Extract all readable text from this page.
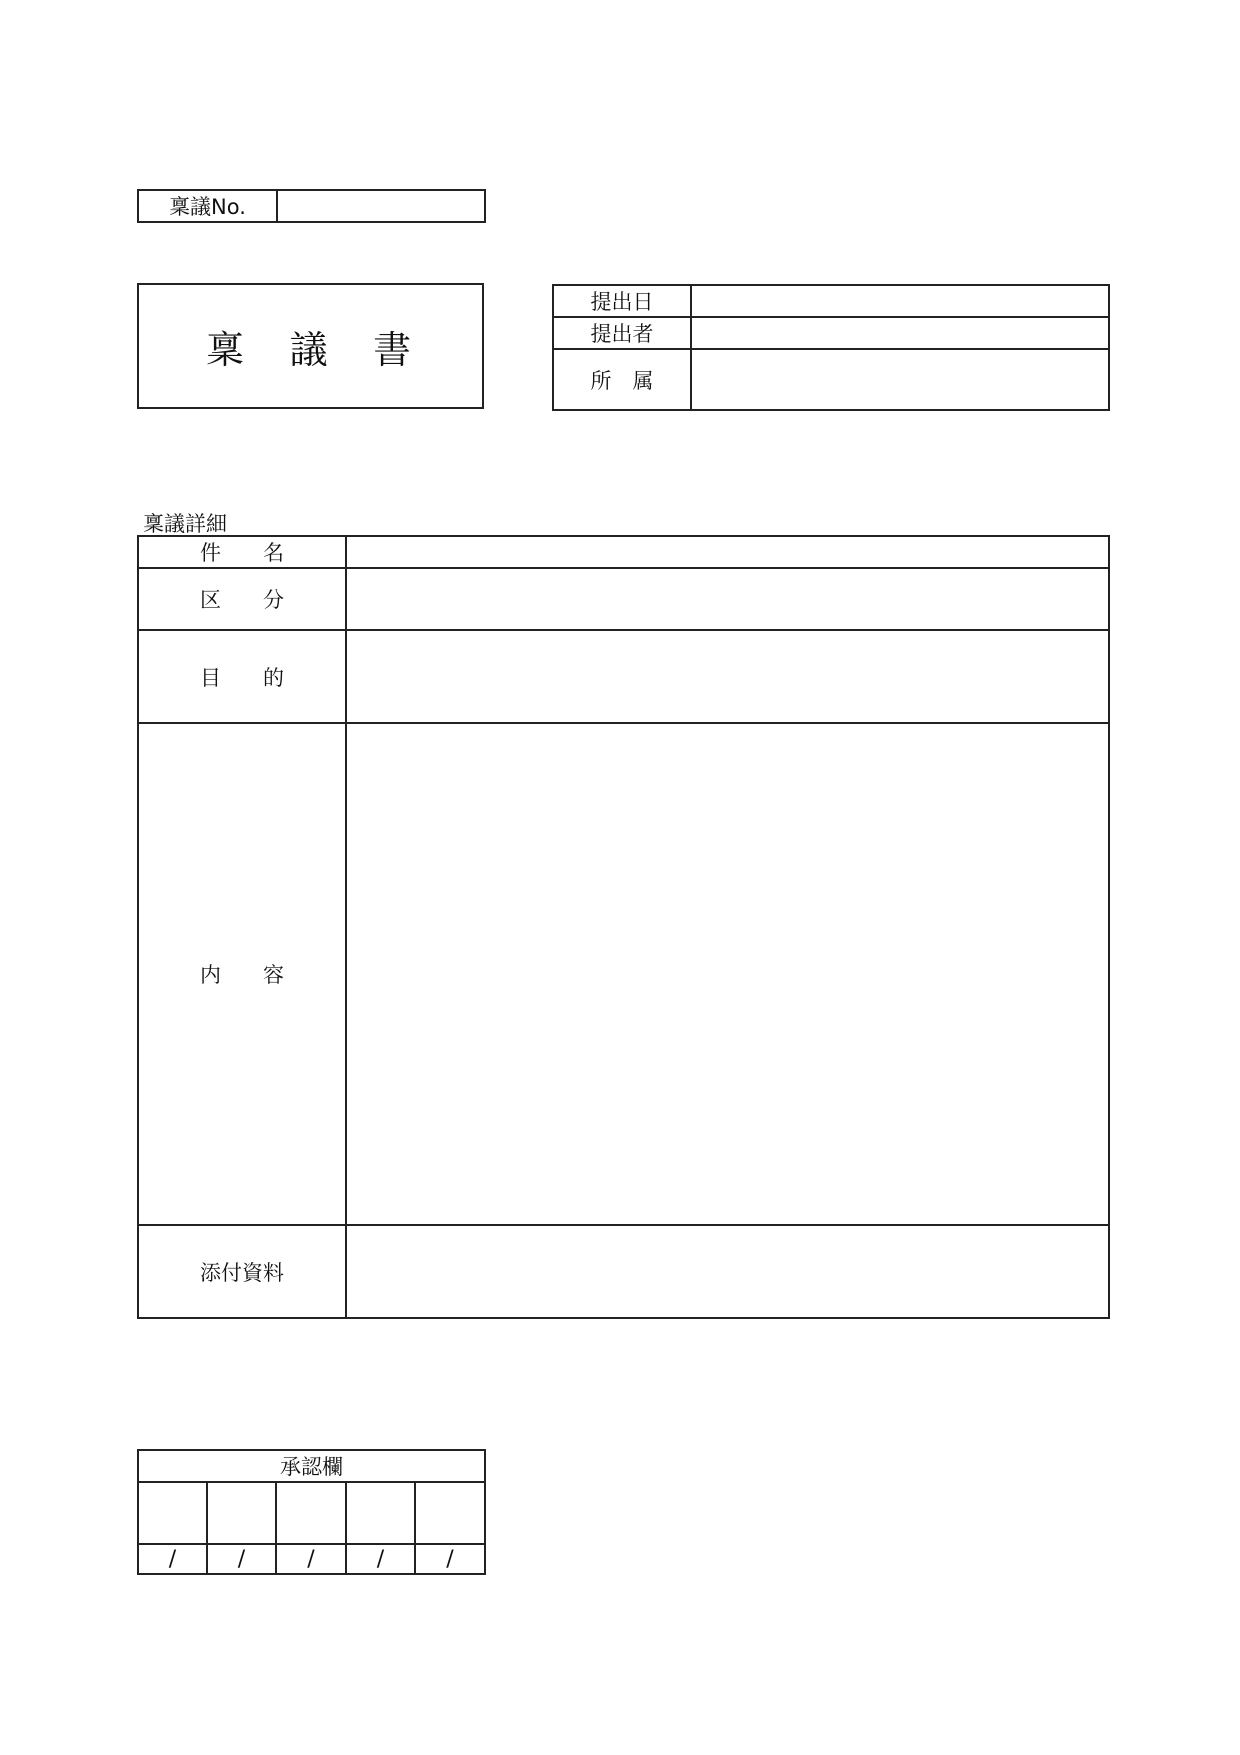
稟議No.	
稟　議　書
提出日	
提出者	
所　属	
稟議詳細
件　　名	
区　　分	
目　　的	
内　　容	
添付資料	
承認欄				

/	/	/	/	/
